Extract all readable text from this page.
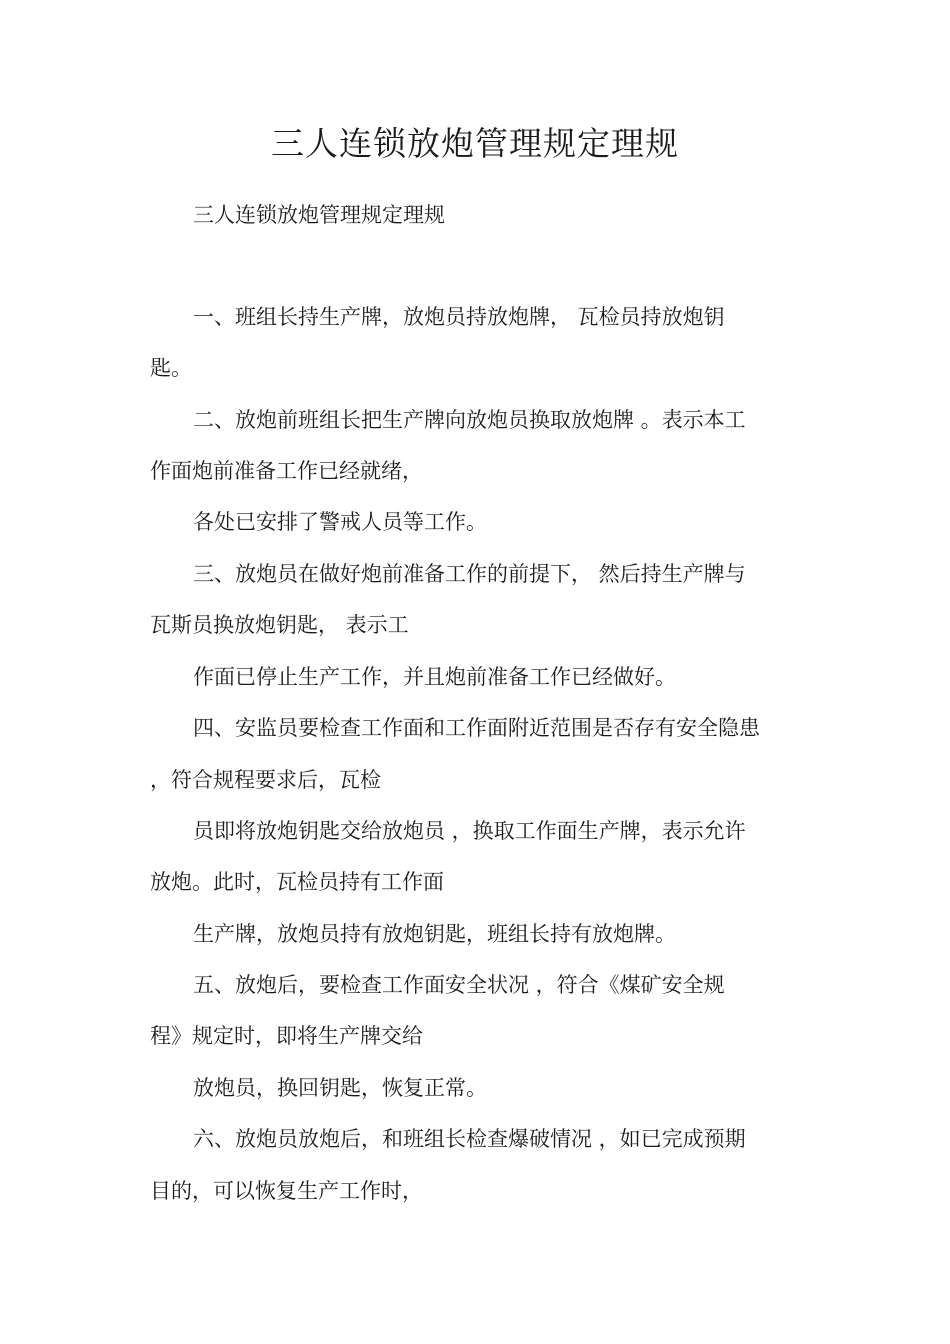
三人连锁放炮管理规定理规
三人连锁放炮管理规定理规
一、班组长持生产牌，放炮员持放炮牌， 瓦检员持放炮钥
匙。
二、放炮前班组长把生产牌向放炮员换取放炮牌 。表示本工
作面炮前准备工作已经就绪，
各处已安排了警戒人员等工作。
三、放炮员在做好炮前准备工作的前提下， 然后持生产牌与
瓦斯员换放炮钥匙， 表示工
作面已停止生产工作，并且炮前准备工作已经做好。
四、安监员要检查工作面和工作面附近范围是否存有安全隐患
，符合规程要求后，瓦检
员即将放炮钥匙交给放炮员 ，换取工作面生产牌，表示允许
放炮。此时，瓦检员持有工作面
生产牌，放炮员持有放炮钥匙，班组长持有放炮牌。
五、放炮后，要检查工作面安全状况 ，符合《煤矿安全规
程》规定时，即将生产牌交给
放炮员，换回钥匙，恢复正常。
六、放炮员放炮后，和班组长检查爆破情况 ，如已完成预期
目的，可以恢复生产工作时，
